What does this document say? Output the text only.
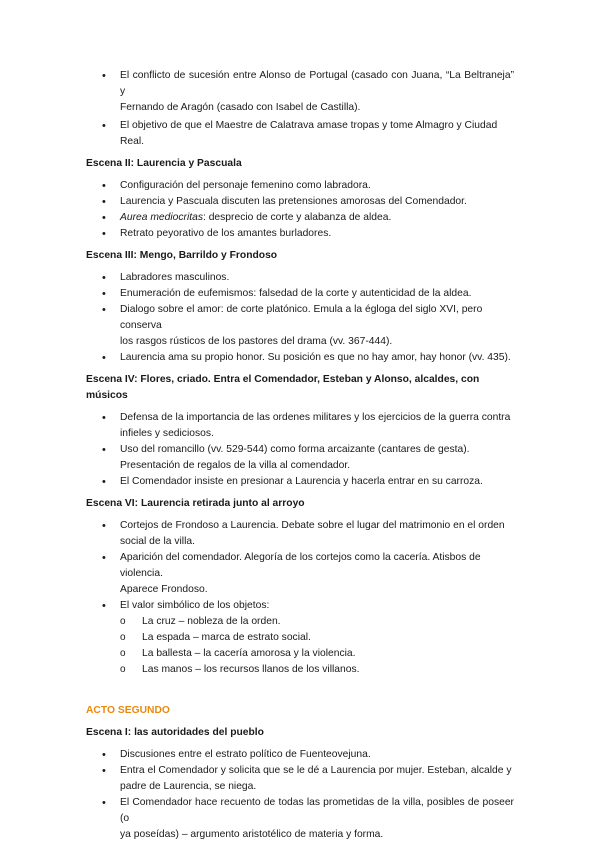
• El conflicto de sucesión entre Alonso de Portugal (casado con Juana, “La Beltraneja” y
Fernando de Aragón (casado con Isabel de Castilla).
• El objetivo de que el Maestre de Calatrava amase tropas y tome Almagro y Ciudad Real.

Escena II: Laurencia y Pascuala

• Configuración del personaje femenino como labradora.
• Laurencia y Pascuala discuten las pretensiones amorosas del Comendador.
• Aurea mediocritas: desprecio de corte y alabanza de aldea.
• Retrato peyorativo de los amantes burladores.

Escena III: Mengo, Barrildo y Frondoso

• Labradores masculinos.
• Enumeración de eufemismos: falsedad de la corte y autenticidad de la aldea.
• Dialogo sobre el amor: de corte platónico. Emula a la égloga del siglo XVI, pero conserva
los rasgos rústicos de los pastores del drama (vv. 367-444).
• Laurencia ama su propio honor. Su posición es que no hay amor, hay honor (vv. 435).

Escena IV: Flores, criado. Entra el Comendador, Esteban y Alonso, alcaldes, con músicos

• Defensa de la importancia de las ordenes militares y los ejercicios de la guerra contra
infieles y sediciosos.
• Uso del romancillo (vv. 529-544) como forma arcaizante (cantares de gesta).
Presentación de regalos de la villa al comendador.
• El Comendador insiste en presionar a Laurencia y hacerla entrar en su carroza.

Escena VI: Laurencia retirada junto al arroyo

• Cortejos de Frondoso a Laurencia. Debate sobre el lugar del matrimonio en el orden
social de la villa.
• Aparición del comendador. Alegoría de los cortejos como la cacería. Atisbos de violencia.
Aparece Frondoso.
• El valor simbólico de los objetos:
o La cruz – nobleza de la orden.
o La espada – marca de estrato social.
o La ballesta – la cacería amorosa y la violencia.
o Las manos – los recursos llanos de los villanos.

ACTO SEGUNDO

Escena I: las autoridades del pueblo

• Discusiones entre el estrato político de Fuenteovejuna.
• Entra el Comendador y solicita que se le dé a Laurencia por mujer. Esteban, alcalde y
padre de Laurencia, se niega.
• El Comendador hace recuento de todas las prometidas de la villa, posibles de poseer (o
ya poseídas) – argumento aristotélico de materia y forma.
